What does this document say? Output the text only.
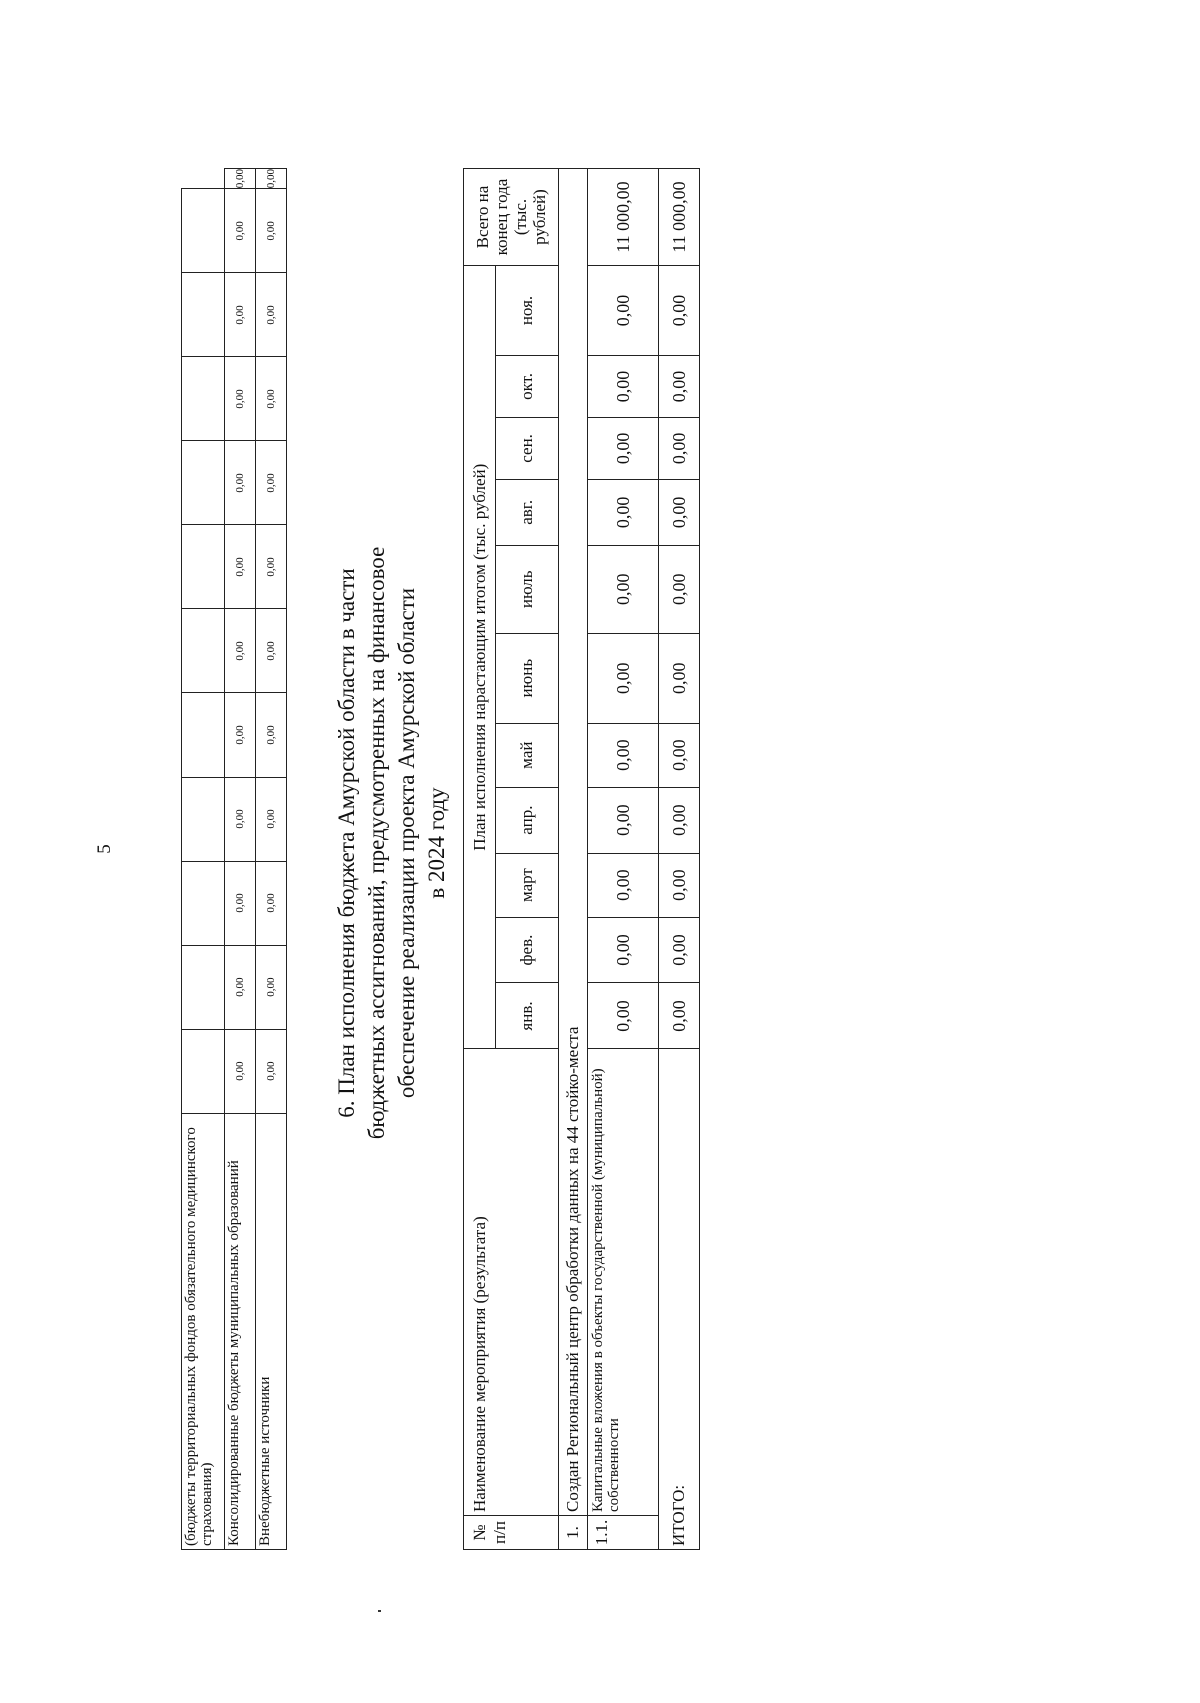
5
(бюджеты территориальных фондов обязательного медицинского страхования)												
Консолидированные бюджеты муниципальных образований	0,00	0,00	0,00	0,00	0,00	0,00	0,00	0,00	0,00	0,00	0,00	0,00
Внебюджетные источники	0,00	0,00	0,00	0,00	0,00	0,00	0,00	0,00	0,00	0,00	0,00	0,00
6. План исполнения бюджета Амурской области в части бюджетных ассигнований, предусмотренных на финансовое обеспечение реализации проекта Амурской области в 2024 году
№ п/п	Наименование мероприятия (результата)	План исполнения нарастающим итогом (тыс. рублей)											Всего на конец года (тыс. рублей)
		янв.	фев.	март	апр.	май	июнь	июль	авг.	сен.	окт.	ноя.	
1.	Создан Региональный центр обработки данных на 44 стойко-места												
1.1.	Капитальные вложения в объекты государственной (муниципальной) собственности	0,00	0,00	0,00	0,00	0,00	0,00	0,00	0,00	0,00	0,00	0,00	11 000,00
ИТОГО:		0,00	0,00	0,00	0,00	0,00	0,00	0,00	0,00	0,00	0,00	0,00	11 000,00
